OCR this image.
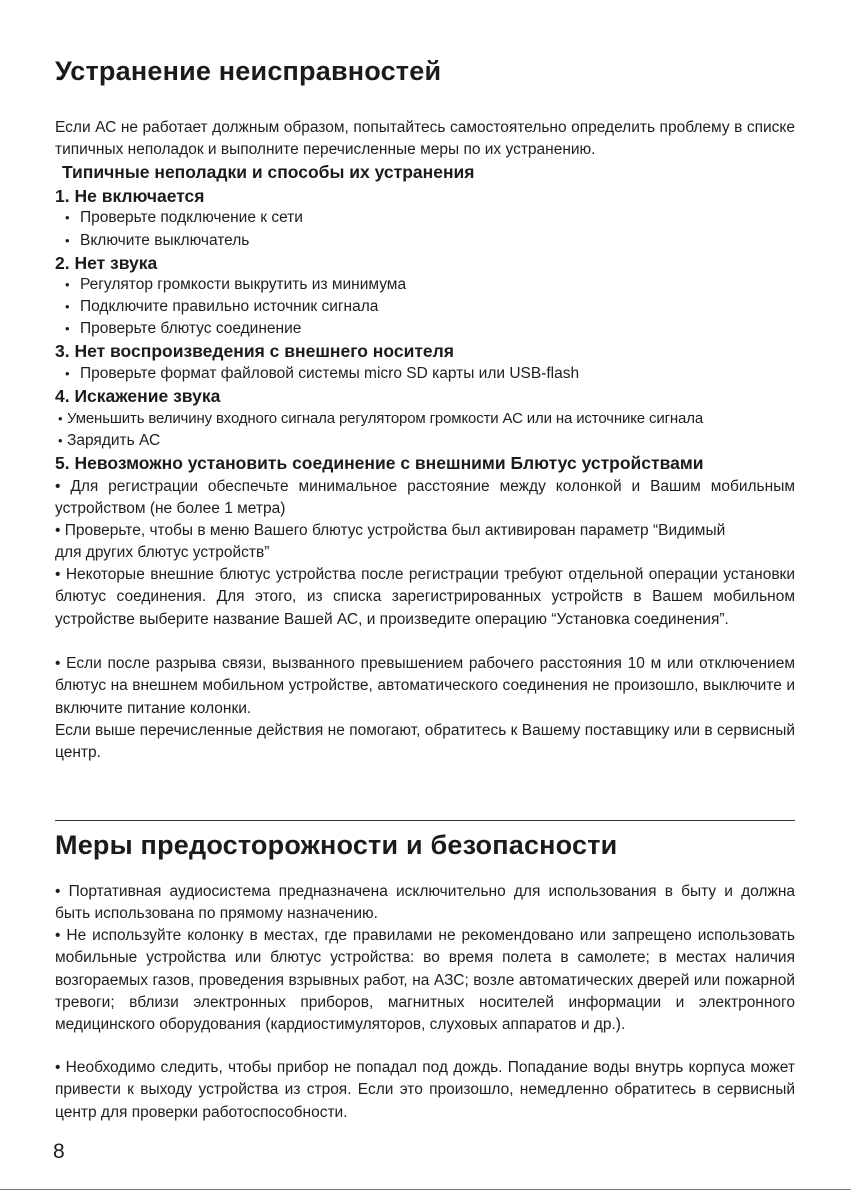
Устранение неисправностей

Если АС не работает должным образом, попытайтесь самостоятельно определить проблему в списке типичных неполадок и выполните перечисленные меры по их устранению.

Типичные неполадки и способы их устранения

1. Не включается

• Проверьте подключение к сети

• Включите выключатель

2. Нет звука

• Регулятор громкости выкрутить из минимума

• Подключите правильно источник сигнала

• Проверьте блютус соединение

3. Нет воспроизведения с внешнего носителя

• Проверьте формат файловой системы micro SD карты или USB-flash

4. Искажение звука

• Уменьшить величину входного сигнала регулятором громкости АС или на источнике сигнала

• Зарядить АС

5. Невозможно установить соединение с внешними Блютус устройствами

• Для регистрации обеспечьте минимальное расстояние между колонкой и Вашим мобильным устройством (не более 1 метра)

• Проверьте, чтобы в меню Вашего блютус устройства был активирован параметр “Видимый для других блютус устройств”

• Некоторые внешние блютус устройства после регистрации требуют отдельной операции установки блютус соединения. Для этого, из списка зарегистрированных устройств в Вашем мобильном устройстве выберите название Вашей АС, и произведите операцию “Установка соединения”.

• Если после разрыва связи, вызванного превышением рабочего расстояния 10 м или отключением блютус на внешнем мобильном устройстве, автоматического соединения не произошло, выключите и включите питание колонки.

Если выше перечисленные действия не помогают, обратитесь к Вашему поставщику или в сервисный центр.

Меры предосторожности и безопасности

• Портативная аудиосистема предназначена исключительно для использования в быту и должна быть использована по прямому назначению.

• Не используйте колонку в местах, где правилами не рекомендовано или запрещено использовать мобильные устройства или блютус устройства: во время полета в самолете; в местах наличия возгораемых газов, проведения взрывных работ, на АЗС; возле автоматических дверей или пожарной тревоги; вблизи электронных приборов, магнитных носителей информации и электронного медицинского оборудования (кардиостимуляторов, слуховых аппаратов и др.).

• Необходимо следить, чтобы прибор не попадал под дождь. Попадание воды внутрь корпуса может привести к выходу устройства из строя. Если это произошло, немедленно обратитесь в сервисный центр для проверки работоспособности.

8
